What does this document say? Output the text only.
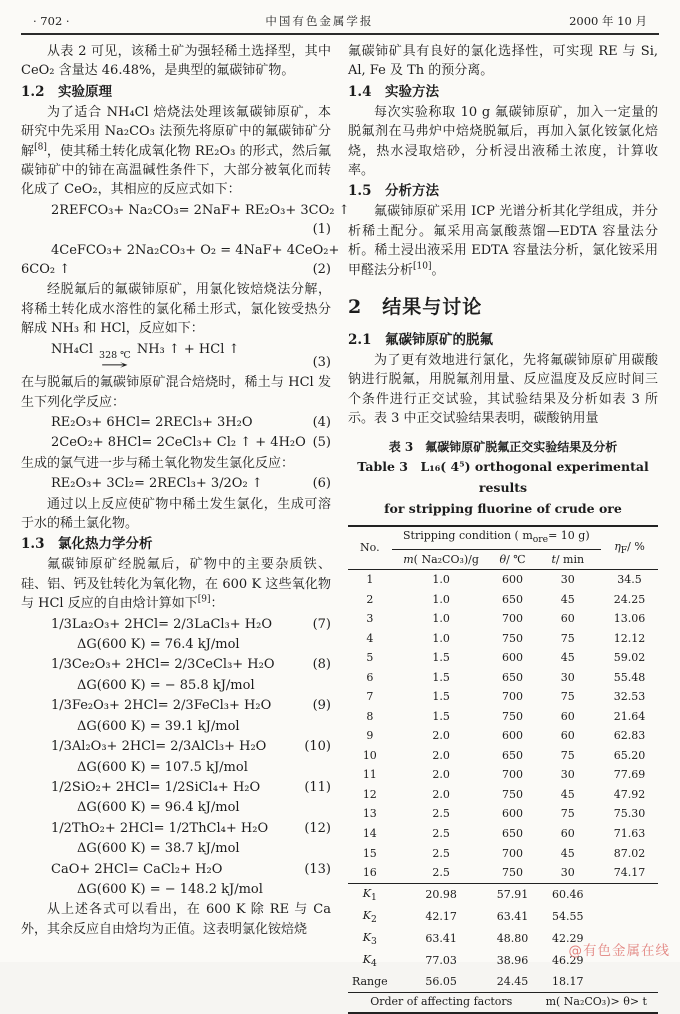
· 702 ·	中国有色金属学报	2000 年 10 月

从表 2 可见，该稀土矿为强轻稀土选择型，其中 CeO₂ 含量达 46.48%，是典型的氟碳铈矿物。

1.2　实验原理

为了适合 NH₄Cl 焙烧法处理该氟碳铈原矿，本研究中先采用 Na₂CO₃ 法预先将原矿中的氟碳铈矿分解[8]，使其稀土转化成氧化物 RE₂O₃ 的形式，然后氟碳铈矿中的铈在高温碱性条件下，大部分被氧化而转化成了 CeO₂，其相应的反应式如下：

2REFCO₃+ Na₂CO₃= 2NaF+ RE₂O₃+ 3CO₂ ↑
(1)
4CeFCO₃+ 2Na₂CO₃+ O₂ = 4NaF+ 4CeO₂+
6CO₂ ↑	(2)

经脱氟后的氟碳铈原矿，用氯化铵焙烧法分解，将稀土转化成水溶性的氯化稀土形式，氯化铵受热分解成 NH₃ 和 HCl，反应如下：

NH₄Cl 328 ℃
→
NH₃ ↑ + HCl ↑
(3)

在与脱氟后的氟碳铈原矿混合焙烧时，稀土与 HCl 发生下列化学反应：

RE₂O₃+ 6HCl= 2RECl₃+ 3H₂O	(4)
2CeO₂+ 8HCl= 2CeCl₃+ Cl₂ ↑ + 4H₂O (5)

生成的氯气进一步与稀土氧化物发生氯化反应：

RE₂O₃+ 3Cl₂= 2RECl₃+ 3/2O₂ ↑	(6)

通过以上反应使矿物中稀土发生氯化，生成可溶于水的稀土氯化物。

1.3　氯化热力学分析

氟碳铈原矿经脱氟后，矿物中的主要杂质铁、硅、铝、钙及钍转化为氧化物，在 600 K 这些氧化物与 HCl 反应的自由焓计算如下[9]：

1/3La₂O₃+ 2HCl= 2/3LaCl₃+ H₂O	(7)
ΔG(600 K) = 76.4 kJ/mol
1/3Ce₂O₃+ 2HCl= 2/3CeCl₃+ H₂O	(8)
ΔG(600 K) = − 85.8 kJ/mol
1/3Fe₂O₃+ 2HCl= 2/3FeCl₃+ H₂O	(9)
ΔG(600 K) = 39.1 kJ/mol
1/3Al₂O₃+ 2HCl= 2/3AlCl₃+ H₂O	(10)
ΔG(600 K) = 107.5 kJ/mol
1/2SiO₂+ 2HCl= 1/2SiCl₄+ H₂O	(11)
ΔG(600 K) = 96.4 kJ/mol
1/2ThO₂+ 2HCl= 1/2ThCl₄+ H₂O	(12)
ΔG(600 K) = 38.7 kJ/mol
CaO+ 2HCl= CaCl₂+ H₂O	(13)
ΔG(600 K) = − 148.2 kJ/mol

从上述各式可以看出，在 600 K 除 RE 与 Ca 外，其余反应自由焓均为正值。这表明氯化铵焙烧

氟碳铈矿具有良好的氯化选择性，可实现 RE 与 Si, Al, Fe 及 Th 的预分离。

1.4　实验方法

每次实验称取 10 g 氟碳铈原矿，加入一定量的脱氟剂在马弗炉中焙烧脱氟后，再加入氯化铵氯化焙烧，热水浸取焙砂，分析浸出液稀土浓度，计算收率。

1.5　分析方法

氟碳铈原矿采用 ICP 光谱分析其化学组成，并分析稀土配分。氟采用高氯酸蒸馏—EDTA 容量法分析。稀土浸出液采用 EDTA 容量法分析，氯化铵采用甲醛法分析[10]。

2　结果与讨论
2.1　氟碳铈原矿的脱氟

为了更有效地进行氯化，先将氟碳铈原矿用碳酸钠进行脱氟，用脱氟剂用量、反应温度及反应时间三个条件进行正交试验，其试验结果及分析如表 3 所示。表 3 中正交试验结果表明，碳酸钠用量

表 3　氟碳铈原矿脱氟正交实验结果及分析
Table 3　L₁₆( 4⁵) orthogonal experimental results
for stripping fluorine of crude ore
No.	Stripping condition ( $m_{ore}= 10$ g)			$\eta_F/$ %
	m( Na₂CO₃)/g	θ/ ℃	t/ min	
1	1.0	600	30	34.5
2	1.0	650	45	24.25
3	1.0	700	60	13.06
4	1.0	750	75	12.12
5	1.5	600	45	59.02
6	1.5	650	30	55.48
7	1.5	700	75	32.53
8	1.5	750	60	21.64
9	2.0	600	60	62.83
10	2.0	650	75	65.20
11	2.0	700	30	77.69
12	2.0	750	45	47.92
13	2.5	600	75	75.30
14	2.5	650	60	71.63
15	2.5	700	45	87.02
16	2.5	750	30	74.17
$K_1$	20.98	57.91	60.46	
$K_2$	42.17	63.41	54.55	
$K_3$	63.41	48.80	42.29	
$K_4$	77.03	38.96	46.29	
Range	56.05	24.45	18.17	
Order of affecting factors			m( Na₂CO₃)> θ> t	
@有色金属在线
